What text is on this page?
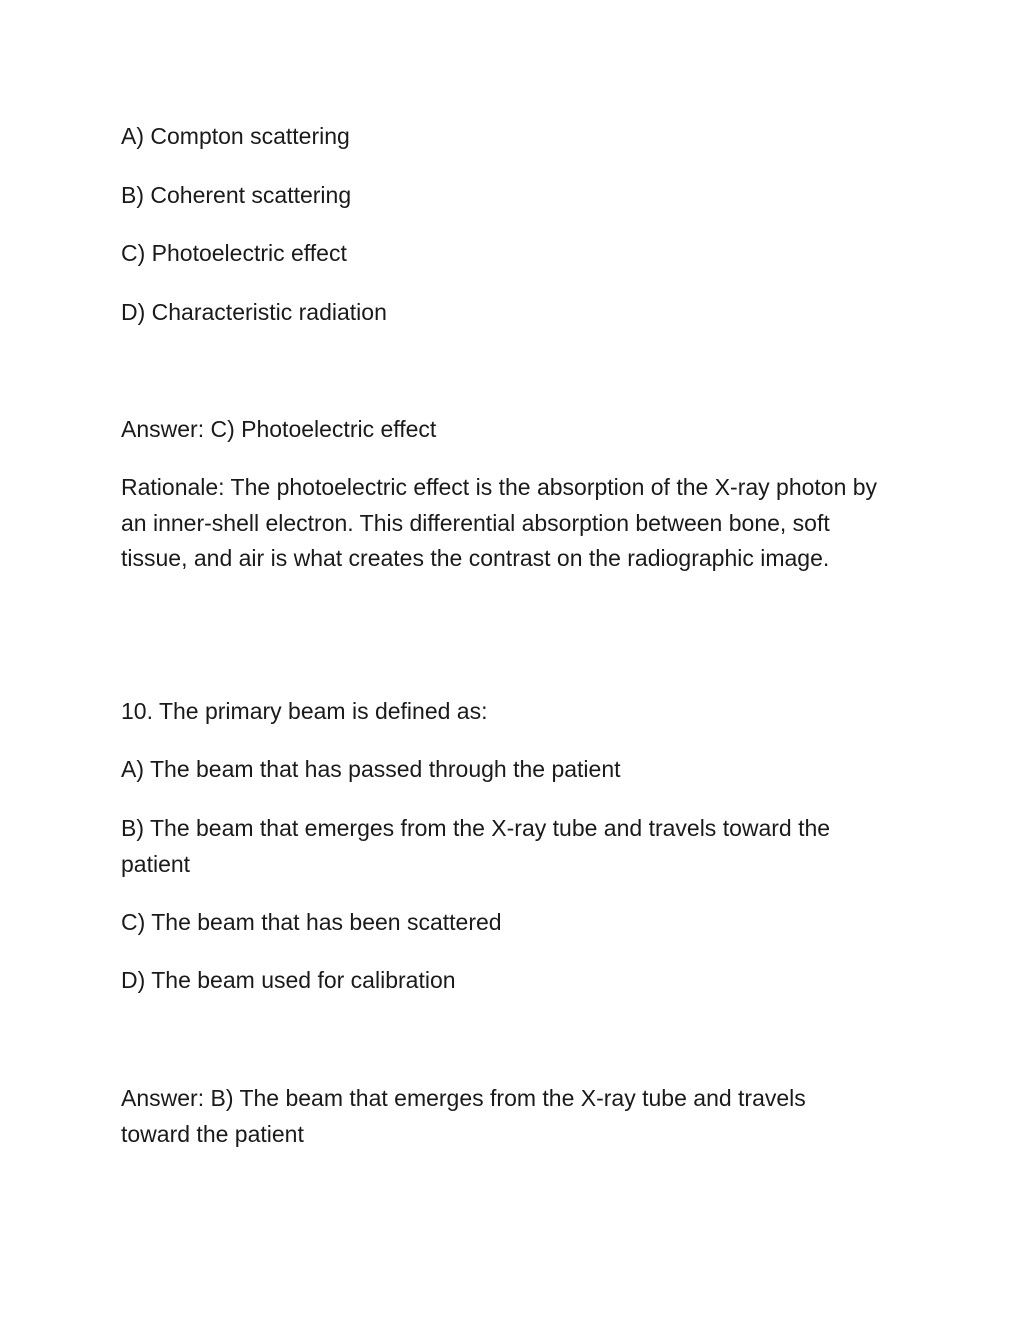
A) Compton scattering
B) Coherent scattering
C) Photoelectric effect
D) Characteristic radiation
Answer: C) Photoelectric effect
Rationale: The photoelectric effect is the absorption of the X-ray photon by an inner-shell electron. This differential absorption between bone, soft tissue, and air is what creates the contrast on the radiographic image.
10. The primary beam is defined as:
A) The beam that has passed through the patient
B) The beam that emerges from the X-ray tube and travels toward the patient
C) The beam that has been scattered
D) The beam used for calibration
Answer: B) The beam that emerges from the X-ray tube and travels toward the patient
